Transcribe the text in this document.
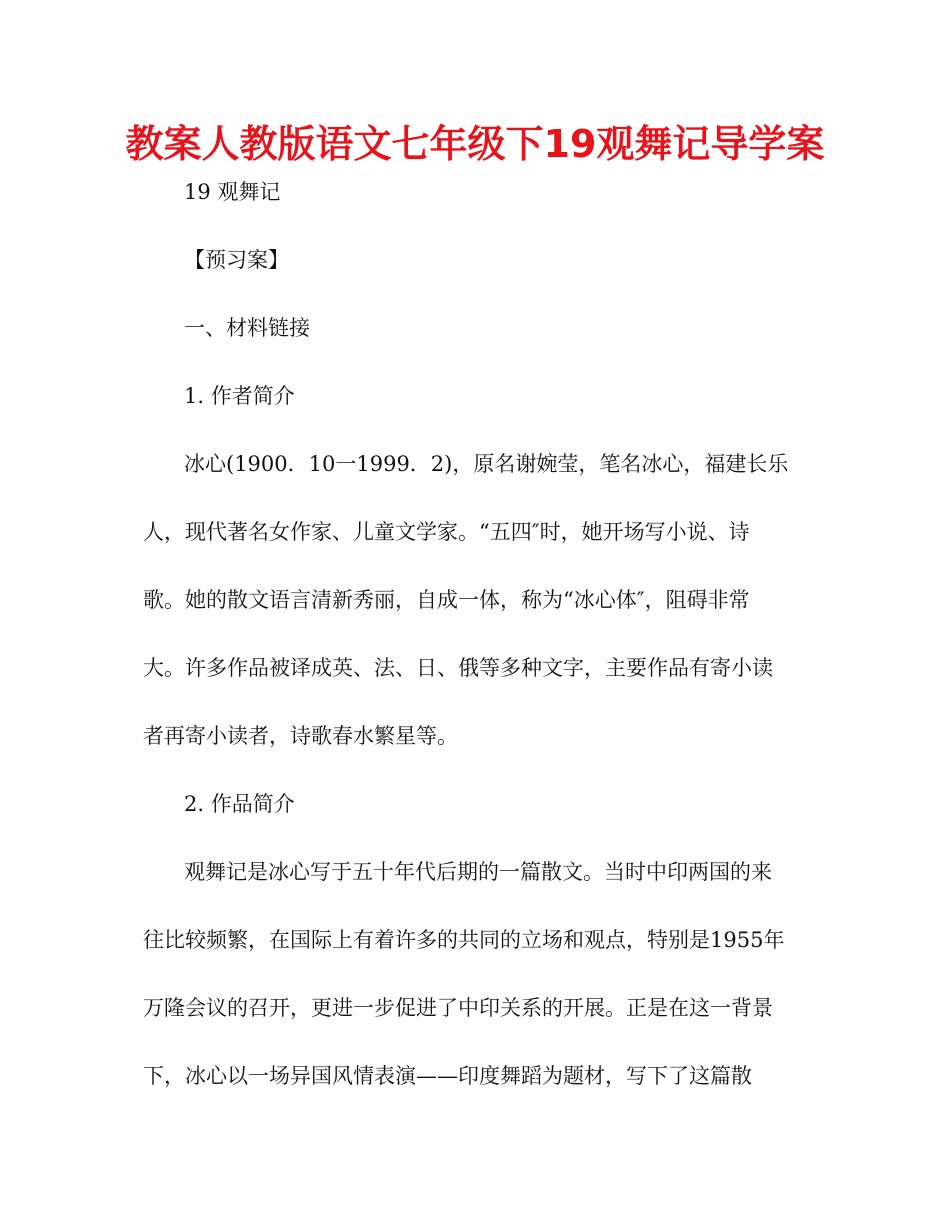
教案人教版语文七年级下19观舞记导学案
19 观舞记
【预习案】
一、材料链接
1. 作者简介
冰心(1900．10一1999．2)，原名谢婉莹，笔名冰心，福建长乐
人，现代著名女作家、儿童文学家。“五四″时，她开场写小说、诗
歌。她的散文语言清新秀丽，自成一体，称为“冰心体″，阻碍非常
大。许多作品被译成英、法、日、俄等多种文字，主要作品有寄小读
者再寄小读者，诗歌春水繁星等。
2. 作品简介
观舞记是冰心写于五十年代后期的一篇散文。当时中印两国的来
往比较频繁，在国际上有着许多的共同的立场和观点，特别是1955年
万隆会议的召开，更进一步促进了中印关系的开展。正是在这一背景
下，冰心以一场异国风情表演——印度舞蹈为题材，写下了这篇散
